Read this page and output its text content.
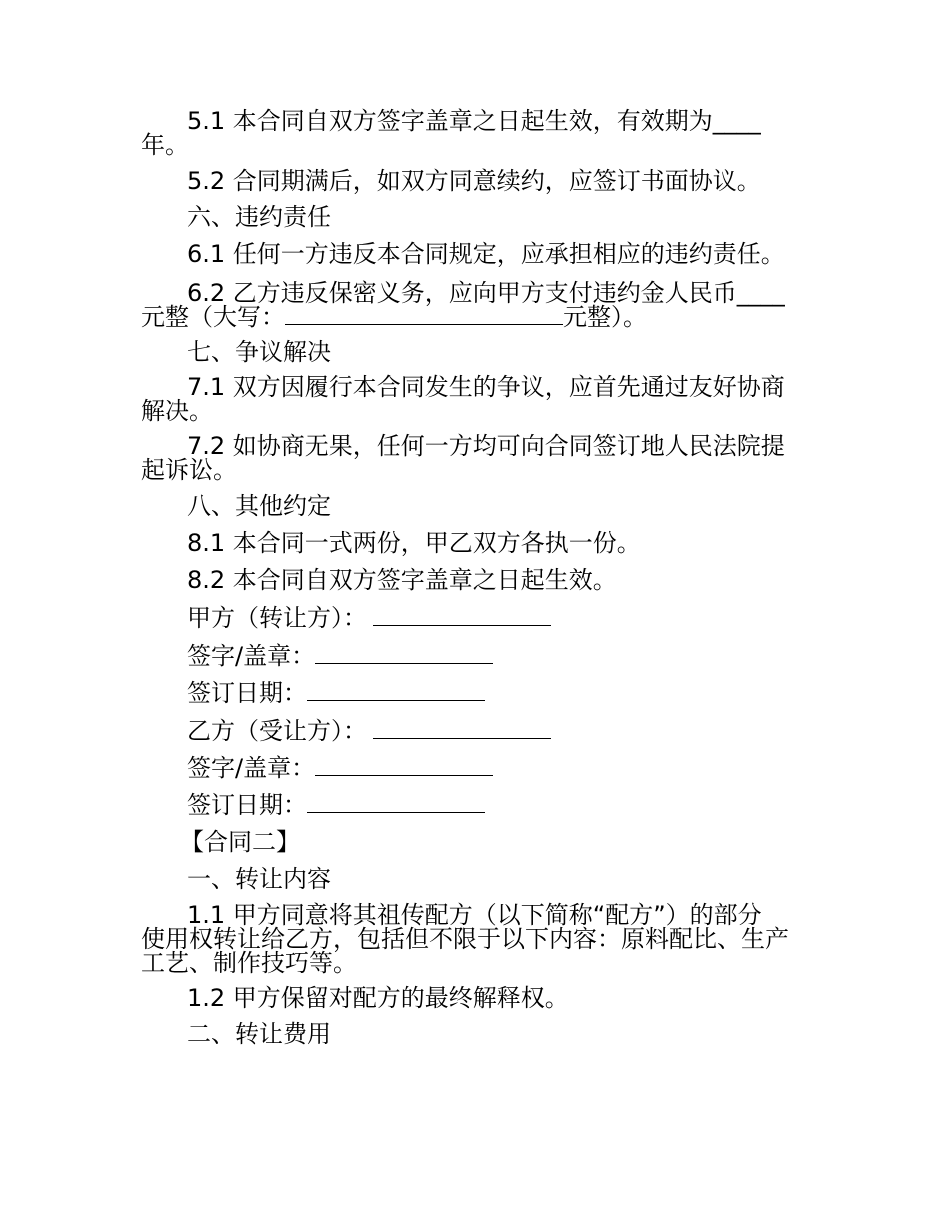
5.1 本合同自双方签字盖章之日起生效，有效期为____

年。

5.2 合同期满后，如双方同意续约，应签订书面协议。

六、违约责任

6.1 任何一方违反本合同规定，应承担相应的违约责任。

6.2 乙方违反保密义务，应向甲方支付违约金人民币____

元整（大写：	元整）。

七、争议解决

7.1 双方因履行本合同发生的争议，应首先通过友好协商

解决。

7.2 如协商无果，任何一方均可向合同签订地人民法院提

起诉讼。

八、其他约定

8.1 本合同一式两份，甲乙双方各执一份。

8.2 本合同自双方签字盖章之日起生效。

甲方（转让方）：

签字/盖章：

签订日期：

乙方（受让方）：

签字/盖章：

签订日期：

【合同二】

一、转让内容

1.1 甲方同意将其祖传配方（以下简称“配方”）的部分

使用权转让给乙方，包括但不限于以下内容：原料配比、生产

工艺、制作技巧等。

1.2 甲方保留对配方的最终解释权。

二、转让费用
